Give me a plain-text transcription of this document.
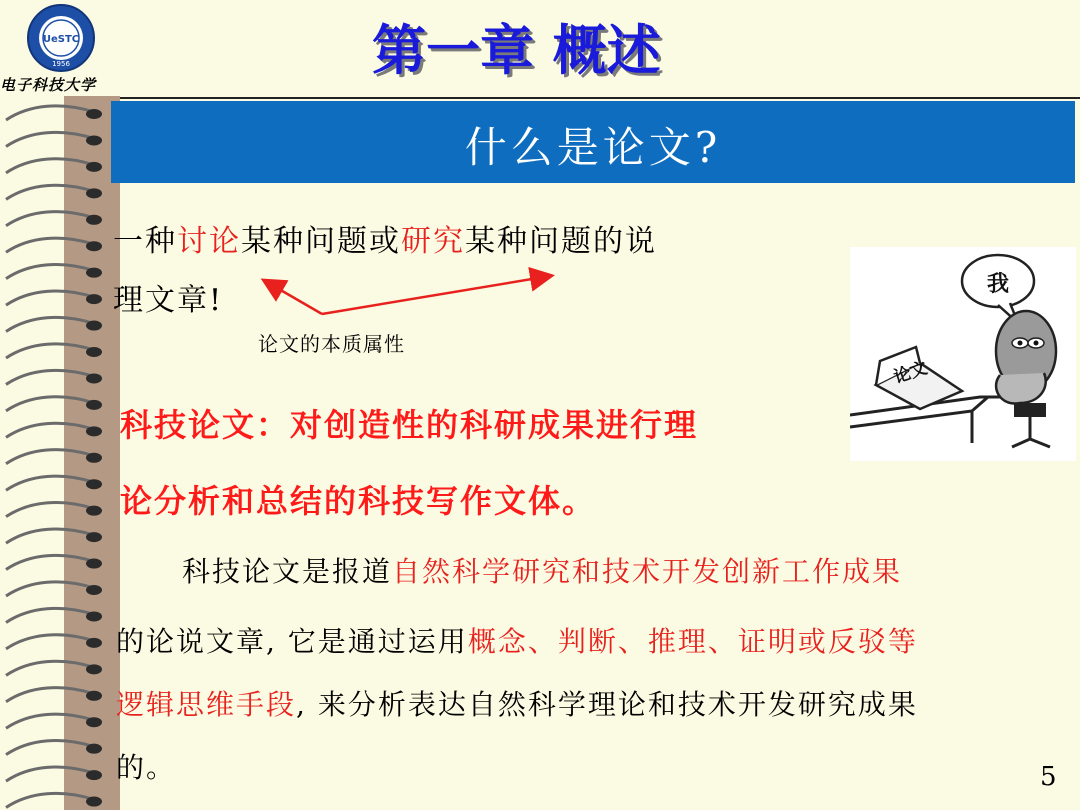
UeSTC
1956
电子科技大学
第一章 概述
什么是论文?
一种讨论某种问题或研究某种问题的说
理文章!
论文的本质属性
科技论文：对创造性的科研成果进行理
论分析和总结的科技写作文体。
科技论文是报道自然科学研究和技术开发创新工作成果
的论说文章, 它是通过运用概念、判断、推理、证明或反驳等
逻辑思维手段, 来分析表达自然科学理论和技术开发研究成果
的。
我
论文
5
